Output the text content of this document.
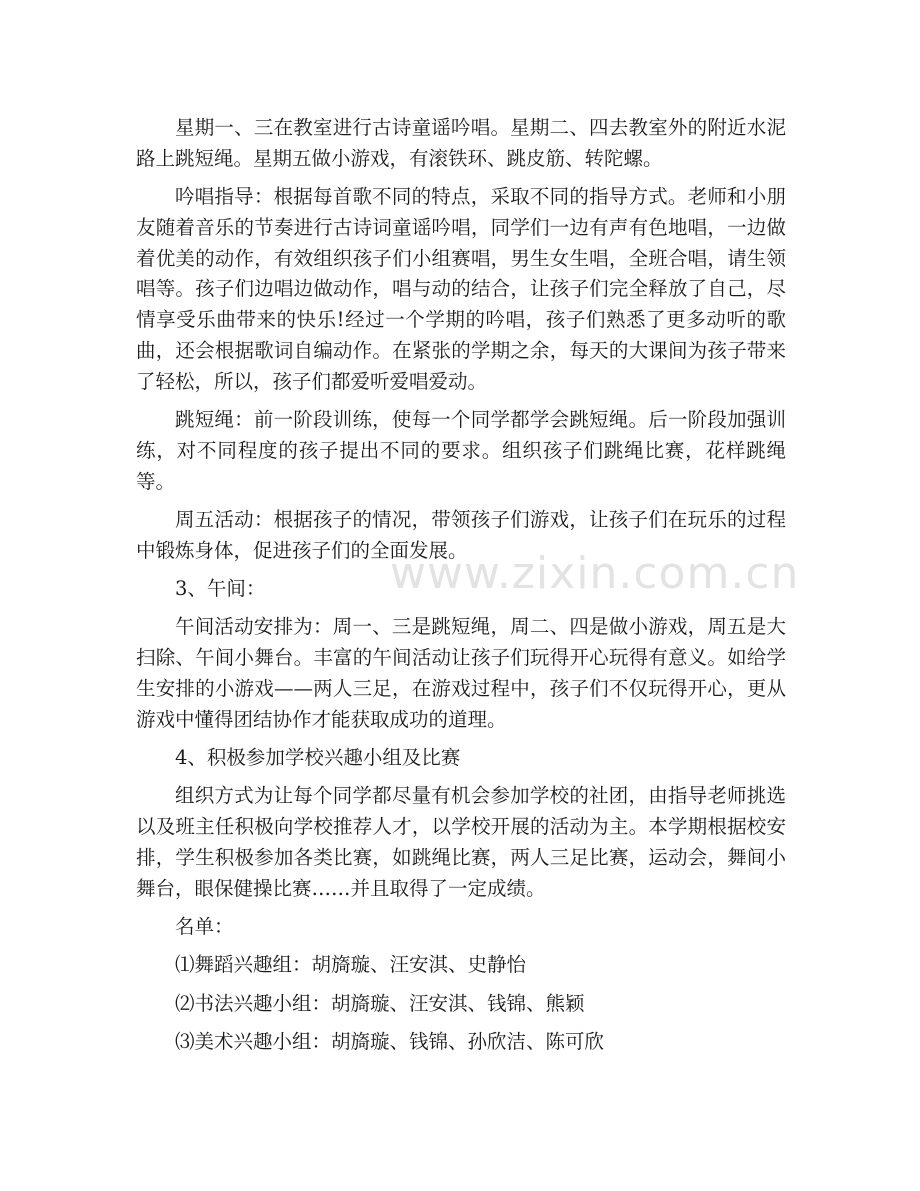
www.zixin.com.cn

星期一、三在教室进行古诗童谣吟唱。星期二、四去教室外的附近水泥路上跳短绳。星期五做小游戏，有滚铁环、跳皮筋、转陀螺。

吟唱指导：根据每首歌不同的特点，采取不同的指导方式。老师和小朋友随着音乐的节奏进行古诗词童谣吟唱，同学们一边有声有色地唱，一边做着优美的动作，有效组织孩子们小组赛唱，男生女生唱，全班合唱，请生领唱等。孩子们边唱边做动作，唱与动的结合，让孩子们完全释放了自己，尽情享受乐曲带来的快乐!经过一个学期的吟唱，孩子们熟悉了更多动听的歌曲，还会根据歌词自编动作。在紧张的学期之余，每天的大课间为孩子带来了轻松，所以，孩子们都爱听爱唱爱动。

跳短绳：前一阶段训练，使每一个同学都学会跳短绳。后一阶段加强训练，对不同程度的孩子提出不同的要求。组织孩子们跳绳比赛，花样跳绳等。

周五活动：根据孩子的情况，带领孩子们游戏，让孩子们在玩乐的过程中锻炼身体，促进孩子们的全面发展。

3、午间：

午间活动安排为：周一、三是跳短绳，周二、四是做小游戏，周五是大扫除、午间小舞台。丰富的午间活动让孩子们玩得开心玩得有意义。如给学生安排的小游戏——两人三足，在游戏过程中，孩子们不仅玩得开心，更从游戏中懂得团结协作才能获取成功的道理。

4、积极参加学校兴趣小组及比赛

组织方式为让每个同学都尽量有机会参加学校的社团，由指导老师挑选以及班主任积极向学校推荐人才，以学校开展的活动为主。本学期根据校安排，学生积极参加各类比赛，如跳绳比赛，两人三足比赛，运动会，舞间小舞台，眼保健操比赛……并且取得了一定成绩。

名单：

⑴舞蹈兴趣组：胡旖璇、汪安淇、史静怡

⑵书法兴趣小组：胡旖璇、汪安淇、钱锦、熊颖

⑶美术兴趣小组：胡旖璇、钱锦、孙欣洁、陈可欣
